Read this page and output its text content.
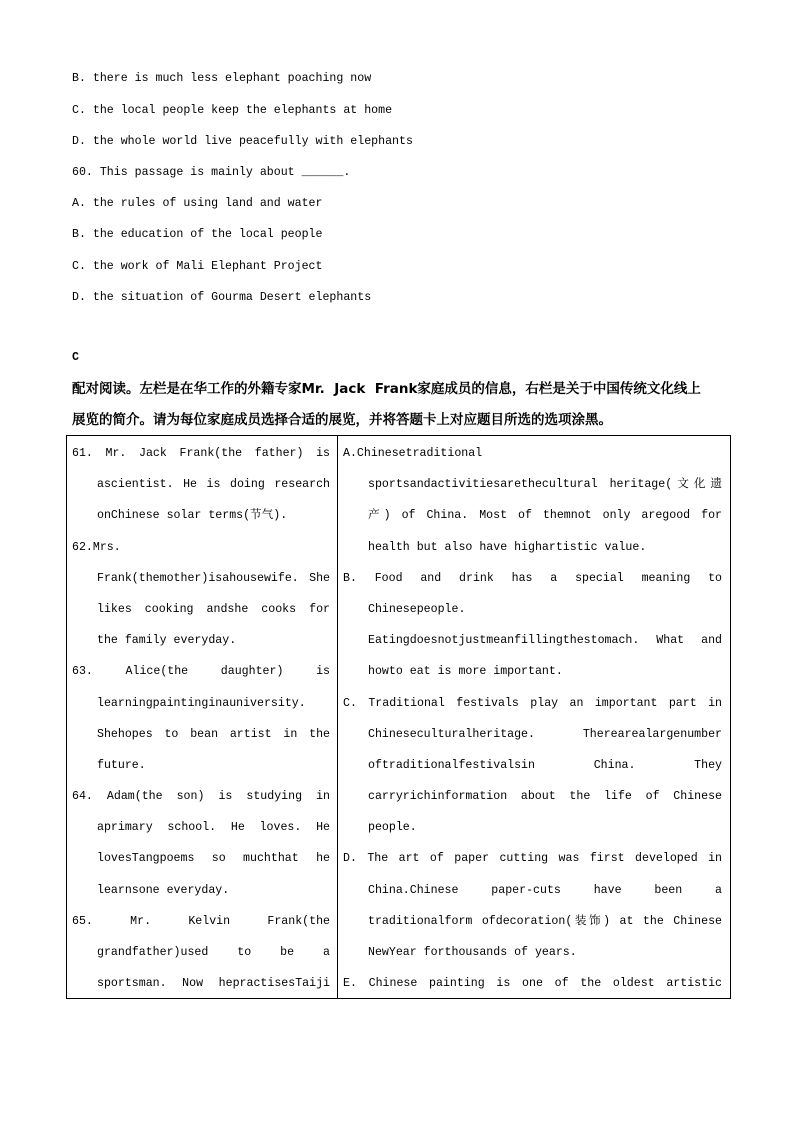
B. there is much less elephant poaching now
C. the local people keep the elephants at home
D. the whole world live peacefully with elephants
60. This passage is mainly about ______.
A. the rules of using land and water
B. the education of the local people
C. the work of Mali Elephant Project
D. the situation of Gourma Desert elephants
C
配对阅读。左栏是在华工作的外籍专家Mr.  Jack  Frank家庭成员的信息，右栏是关于中国传统文化线上
展览的简介。请为每位家庭成员选择合适的展览，并将答题卡上对应题目所选的选项涂黑。
61. Mr. Jack Frank(the father) is
ascientist. He is doing research
onChinese solar terms(节气).
62.Mrs.
Frank(themother)isahousewife. She
likes cooking andshe cooks for
the family everyday.
63. Alice(the daughter) is
learningpaintinginauniversity.
Shehopes to bean artist in the
future.
64. Adam(the son) is studying in
aprimary school. He loves. He
lovesTangpoems so muchthat he
learnsone everyday.
65. Mr. Kelvin Frank(the
grandfather)used to be a
sportsman. Now hepractisesTaiji

A.Chinesetraditional
sportsandactivitiesarethecultural heritage(文化遗
产) of China. Most of themnot only aregood for
health but also have highartistic value.
B. Food and drink has a special meaning to
Chinesepeople.
Eatingdoesnotjustmeanfillingthestomach. What and
howto eat is more important.
C. Traditional festivals play an important part in
Chineseculturalheritage. Therearealargenumber
oftraditionalfestivalsin China. They
carryrichinformation about the life of Chinese
people.
D. The art of paper cutting was first developed in
China.Chinese paper-cuts have been a
traditionalform ofdecoration(装饰) at the Chinese
NewYear forthousands of years.
E. Chinese painting is one of the oldest artistic
